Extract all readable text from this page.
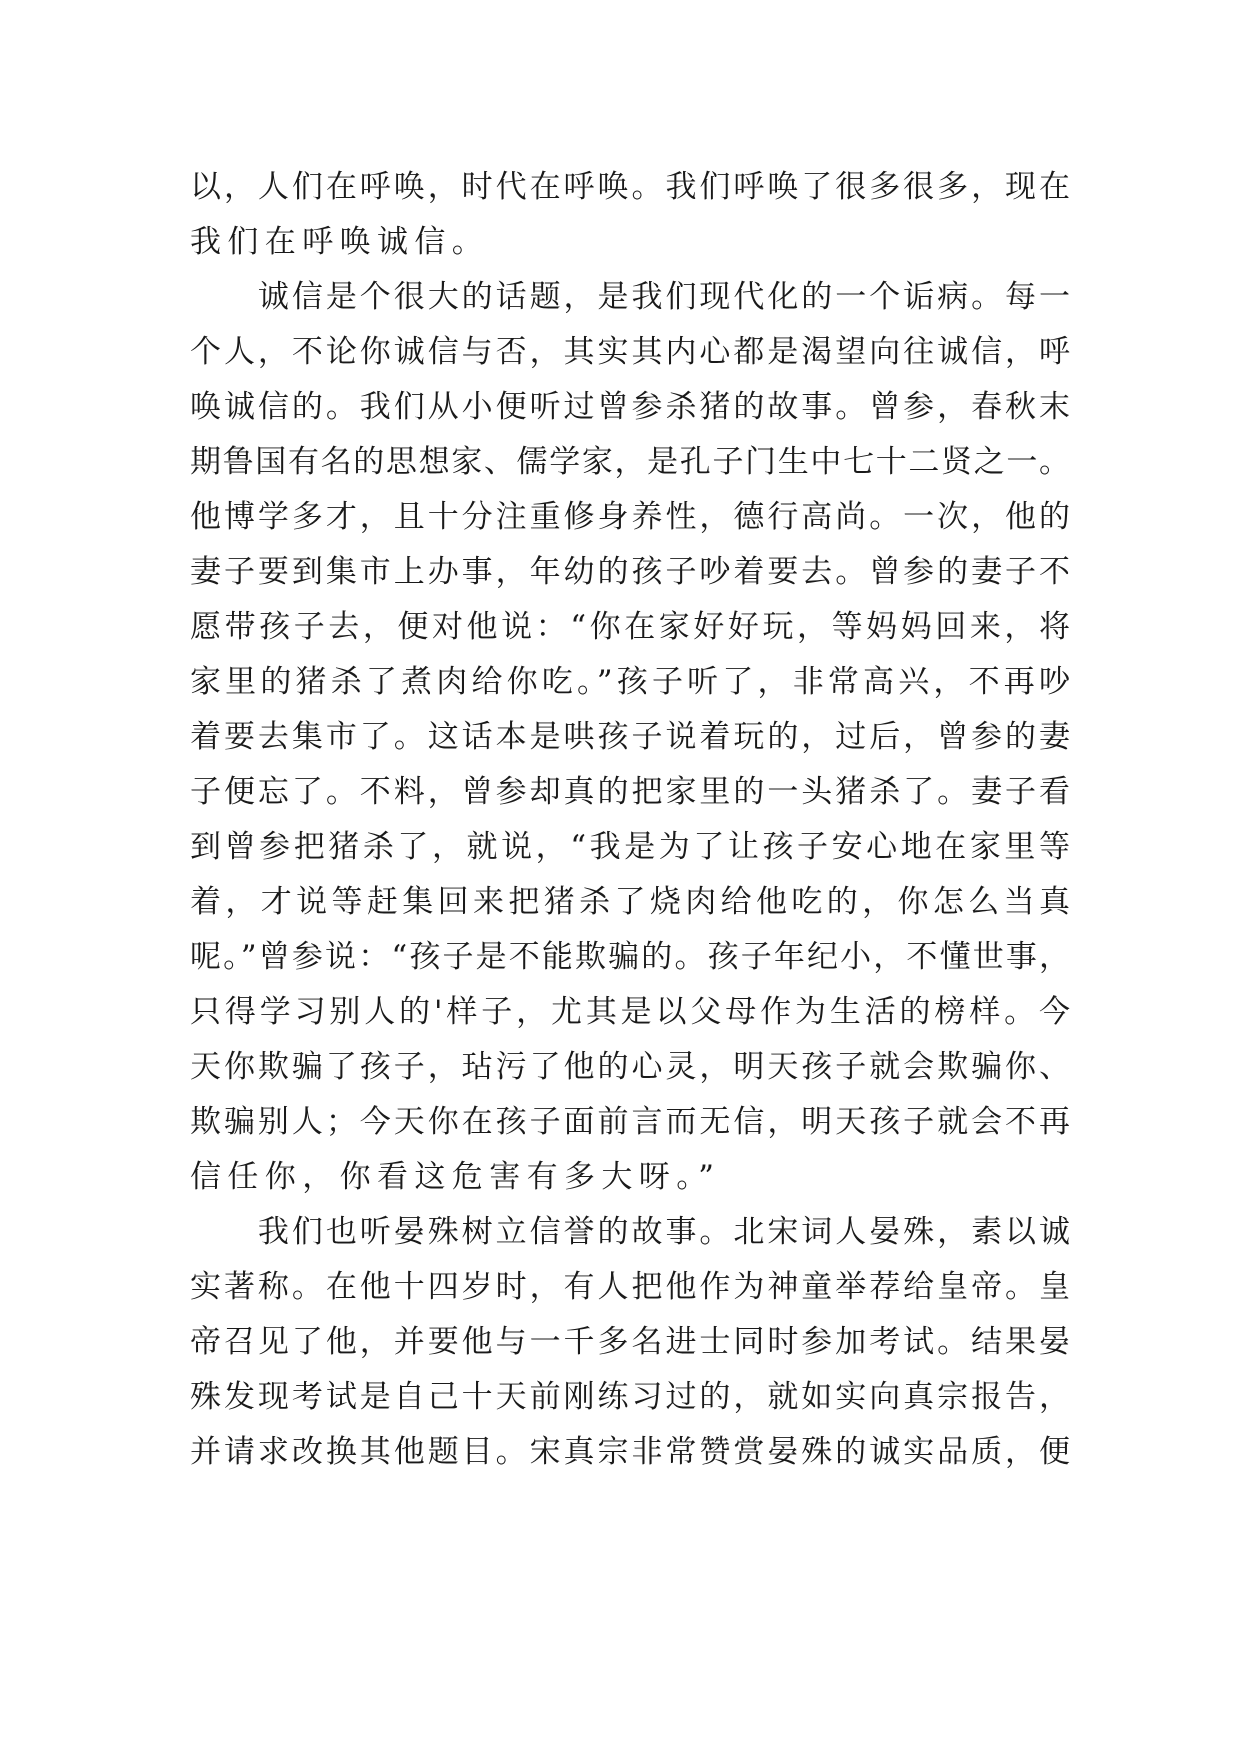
以，人们在呼唤，时代在呼唤。我们呼唤了很多很多，现在
我们在呼唤诚信。
　　诚信是个很大的话题，是我们现代化的一个诟病。每一
个人，不论你诚信与否，其实其内心都是渴望向往诚信，呼
唤诚信的。我们从小便听过曾参杀猪的故事。曾参，春秋末
期鲁国有名的思想家、儒学家，是孔子门生中七十二贤之一。
他博学多才，且十分注重修身养性，德行高尚。一次，他的
妻子要到集市上办事，年幼的孩子吵着要去。曾参的妻子不
愿带孩子去，便对他说：“你在家好好玩，等妈妈回来，将
家里的猪杀了煮肉给你吃。”孩子听了，非常高兴，不再吵
着要去集市了。这话本是哄孩子说着玩的，过后，曾参的妻
子便忘了。不料，曾参却真的把家里的一头猪杀了。妻子看
到曾参把猪杀了，就说，“我是为了让孩子安心地在家里等
着，才说等赶集回来把猪杀了烧肉给他吃的，你怎么当真
呢。”曾参说：“孩子是不能欺骗的。孩子年纪小，不懂世事，
只得学习别人的'样子，尤其是以父母作为生活的榜样。今
天你欺骗了孩子，玷污了他的心灵，明天孩子就会欺骗你、
欺骗别人；今天你在孩子面前言而无信，明天孩子就会不再
信任你，你看这危害有多大呀。”
　　我们也听晏殊树立信誉的故事。北宋词人晏殊，素以诚
实著称。在他十四岁时，有人把他作为神童举荐给皇帝。皇
帝召见了他，并要他与一千多名进士同时参加考试。结果晏
殊发现考试是自己十天前刚练习过的，就如实向真宗报告，
并请求改换其他题目。宋真宗非常赞赏晏殊的诚实品质，便
